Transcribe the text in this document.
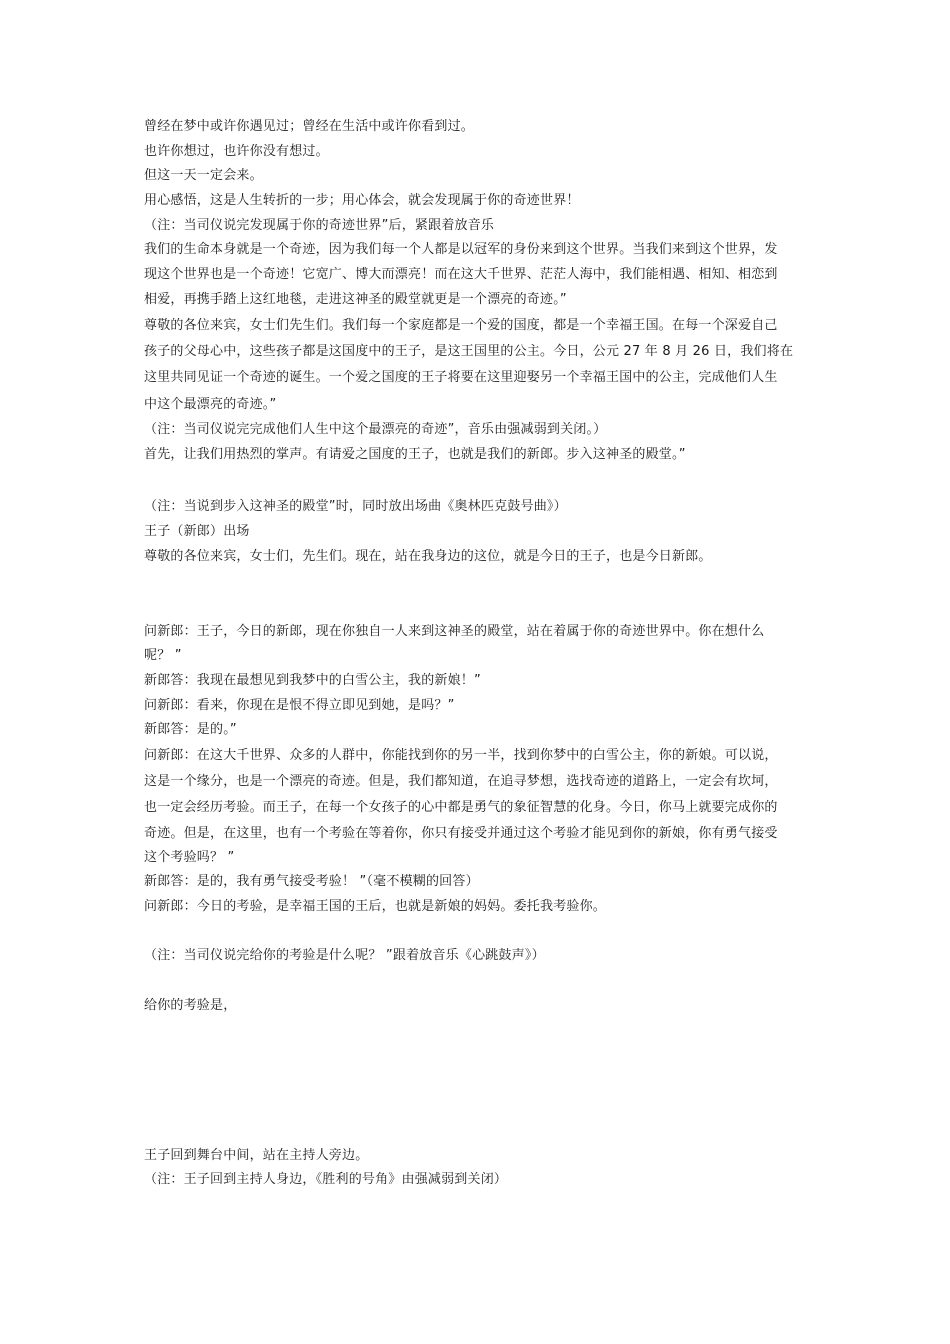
曾经在梦中或许你遇见过；曾经在生活中或许你看到过。
也许你想过，也许你没有想过。
但这一天一定会来。
用心感悟，这是人生转折的一步；用心体会，就会发现属于你的奇迹世界！
（注：当司仪说完发现属于你的奇迹世界”后，紧跟着放音乐
我们的生命本身就是一个奇迹，因为我们每一个人都是以冠军的身份来到这个世界。当我们来到这个世界，发
现这个世界也是一个奇迹！它宽广、博大而漂亮！而在这大千世界、茫茫人海中，我们能相遇、相知、相恋到
相爱，再携手踏上这红地毯，走进这神圣的殿堂就更是一个漂亮的奇迹。”
尊敬的各位来宾，女士们先生们。我们每一个家庭都是一个爱的国度，都是一个幸福王国。在每一个深爱自己
孩子的父母心中，这些孩子都是这国度中的王子，是这王国里的公主。今日，公元 27 年 8 月 26 日，我们将在
这里共同见证一个奇迹的诞生。一个爱之国度的王子将要在这里迎娶另一个幸福王国中的公主，完成他们人生
中这个最漂亮的奇迹。”
（注：当司仪说完完成他们人生中这个最漂亮的奇迹”，音乐由强减弱到关闭。）
首先，让我们用热烈的掌声。有请爱之国度的王子，也就是我们的新郎。步入这神圣的殿堂。”
（注：当说到步入这神圣的殿堂”时，同时放出场曲《奥林匹克鼓号曲》）
王子（新郎）出场
尊敬的各位来宾，女士们，先生们。现在，站在我身边的这位，就是今日的王子，也是今日新郎。
问新郎：王子，今日的新郎，现在你独自一人来到这神圣的殿堂，站在着属于你的奇迹世界中。你在想什么
呢？ ”
新郎答：我现在最想见到我梦中的白雪公主，我的新娘！”
问新郎：看来，你现在是恨不得立即见到她，是吗？”
新郎答：是的。”
问新郎：在这大千世界、众多的人群中，你能找到你的另一半，找到你梦中的白雪公主，你的新娘。可以说，
这是一个缘分，也是一个漂亮的奇迹。但是，我们都知道，在追寻梦想，选找奇迹的道路上，一定会有坎坷，
也一定会经历考验。而王子，在每一个女孩子的心中都是勇气的象征智慧的化身。今日，你马上就要完成你的
奇迹。但是，在这里，也有一个考验在等着你，你只有接受并通过这个考验才能见到你的新娘，你有勇气接受
这个考验吗？ ”
新郎答：是的，我有勇气接受考验！ ”（毫不模糊的回答）
问新郎：今日的考验，是幸福王国的王后，也就是新娘的妈妈。委托我考验你。
（注：当司仪说完给你的考验是什么呢？ ”跟着放音乐《心跳鼓声》）
给你的考验是，
王子回到舞台中间，站在主持人旁边。
（注：王子回到主持人身边，《胜利的号角》由强减弱到关闭）
